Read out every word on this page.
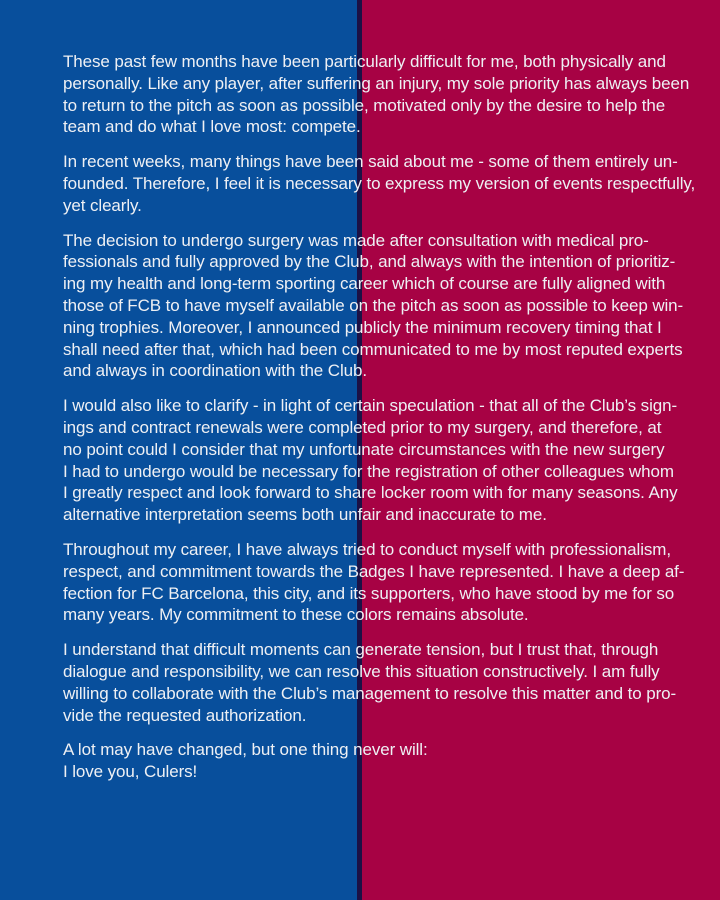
These past few months have been particularly difficult for me, both physically and
personally. Like any player, after suffering an injury, my sole priority has always been
to return to the pitch as soon as possible, motivated only by the desire to help the
team and do what I love most: compete.
In recent weeks, many things have been said about me - some of them entirely un-
founded. Therefore, I feel it is necessary to express my version of events respectfully,
yet clearly.
The decision to undergo surgery was made after consultation with medical pro-
fessionals and fully approved by the Club, and always with the intention of prioritiz-
ing my health and long-term sporting career which of course are fully aligned with
those of FCB to have myself available on the pitch as soon as possible to keep win-
ning trophies. Moreover, I announced publicly the minimum recovery timing that I
shall need after that, which had been communicated to me by most reputed experts
and always in coordination with the Club.
I would also like to clarify - in light of certain speculation - that all of the Club’s sign-
ings and contract renewals were completed prior to my surgery, and therefore, at
no point could I consider that my unfortunate circumstances with the new surgery
I had to undergo would be necessary for the registration of other colleagues whom
I greatly respect and look forward to share locker room with for many seasons. Any
alternative interpretation seems both unfair and inaccurate to me.
Throughout my career, I have always tried to conduct myself with professionalism,
respect, and commitment towards the Badges I have represented. I have a deep af-
fection for FC Barcelona, this city, and its supporters, who have stood by me for so
many years. My commitment to these colors remains absolute.
I understand that difficult moments can generate tension, but I trust that, through
dialogue and responsibility, we can resolve this situation constructively. I am fully
willing to collaborate with the Club’s management to resolve this matter and to pro-
vide the requested authorization.
A lot may have changed, but one thing never will:
I love you, Culers!
